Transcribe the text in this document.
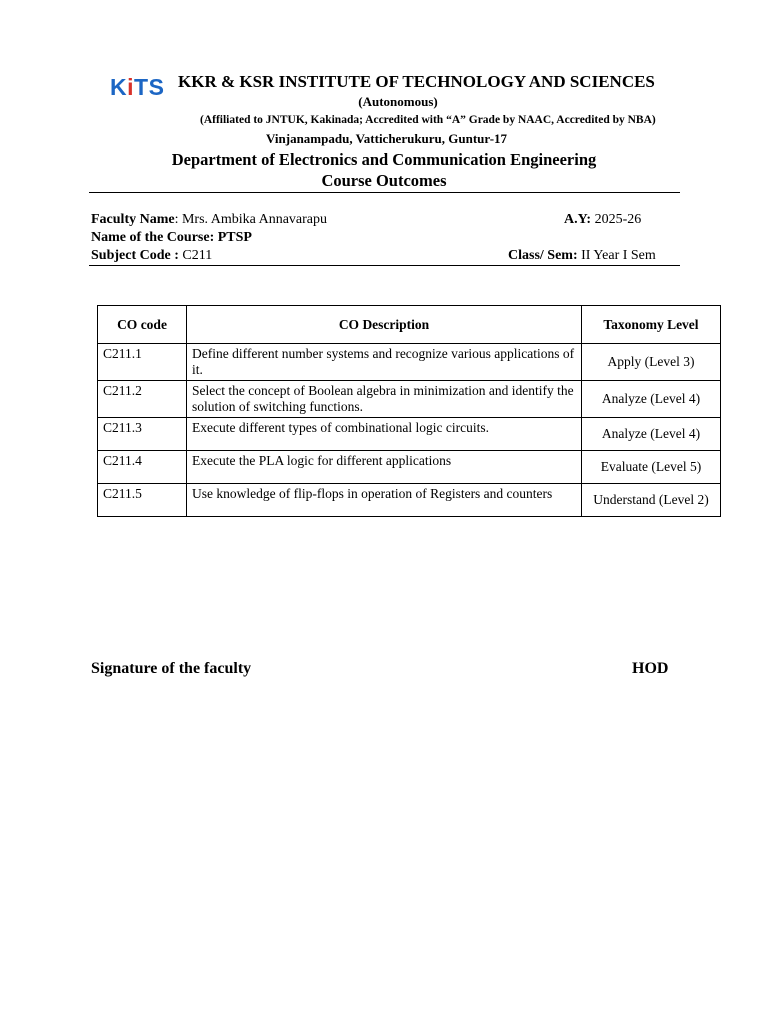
KiTS KKR & KSR INSTITUTE OF TECHNOLOGY AND SCIENCES
(Autonomous)
(Affiliated to JNTUK, Kakinada; Accredited with “A” Grade by NAAC, Accredited by NBA)
Vinjanampadu, Vatticherukuru, Guntur-17
Department of Electronics and Communication Engineering
Course Outcomes
Faculty Name: Mrs. Ambika Annavarapu	A.Y: 2025-26
Name of the Course: PTSP
Subject Code : C211	Class/ Sem: II Year I Sem
CO code	CO Description	Taxonomy Level
C211.1	Define different number systems and recognize various applications of it.	Apply (Level 3)
C211.2	Select the concept of Boolean algebra in minimization and identify the solution of switching functions.	Analyze (Level 4)
C211.3	Execute different types of combinational logic circuits.	Analyze (Level 4)
C211.4	Execute the PLA logic for different applications	Evaluate (Level 5)
C211.5	Use knowledge of flip-flops in operation of Registers and counters	Understand (Level 2)
Signature of the faculty	HOD
